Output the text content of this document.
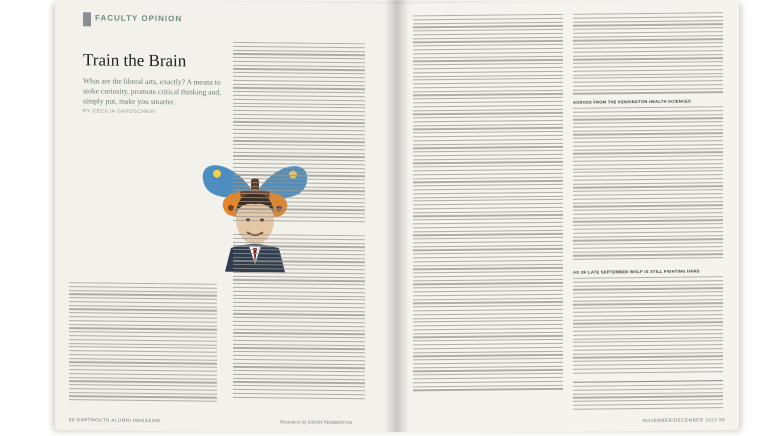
FACULTY OPINION
Train the Brain
What are the liberal arts, exactly? A means to stoke curiosity, promote critical thinking and, simply put, make you smarter.
BY CECILIA GAPOSCHKIN
58 DARTMOUTH ALUMNI MAGAZINE	illustration by SIMON PEMBERTON
ACROSS FROM THE KENSINGTON HEALTH SCIENCES
AS OF LATE SEPTEMBER WOLF IS STILL FIGHTING HARD
NOVEMBER/DECEMBER 2023 59
